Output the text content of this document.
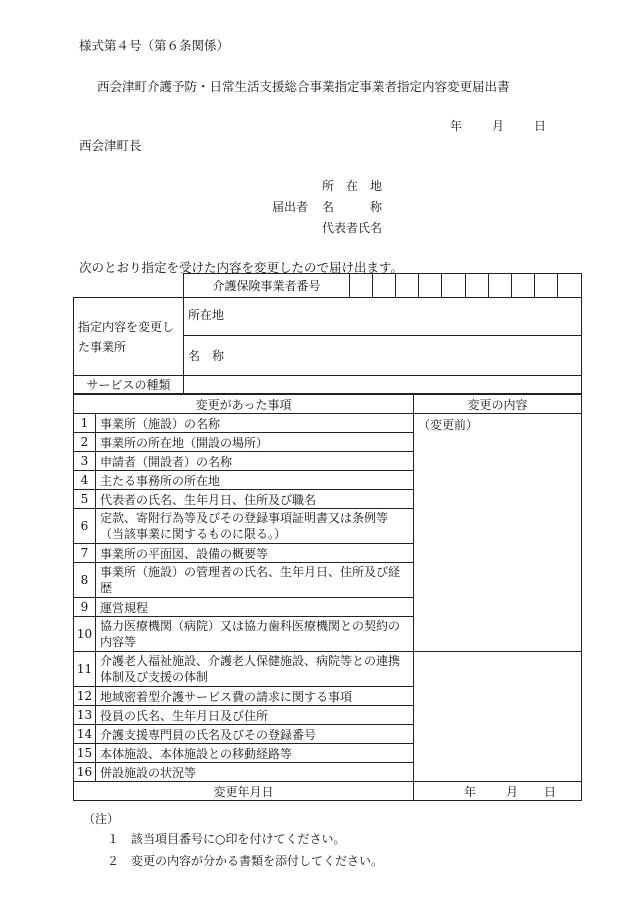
様式第４号（第６条関係）
西会津町介護予防・日常生活支援総合事業指定事業者指定内容変更届出書
年 月 日
西会津町長
所　在　地
届出者 名　　　称
代表者氏名
次のとおり指定を受けた内容を変更したので届け出ます。
	介護保険事業者番号										
指定内容を変更した事業所	所在地										
	名　称										
サービスの種類											
変更があった事項		変更の内容	
1	事業所（施設）の名称	（変更前）	
2	事業所の所在地（開設の場所）		
3	申請者（開設者）の名称		
4	主たる事務所の所在地		
5	代表者の氏名、生年月日、住所及び職名		
6	定款、寄附行為等及びその登録事項証明書又は条例等（当該事業に関するものに限る。）		
7	事業所の平面図、設備の概要等		
8	事業所（施設）の管理者の氏名、生年月日、住所及び経歴		
9	運営規程	
10	協力医療機関（病院）又は協力歯科医療機関との契約の内容等		
11	介護老人福祉施設、介護老人保健施設、病院等との連携体制及び支援の体制		
12	地域密着型介護サービス費の請求に関する事項		
13	役員の氏名、生年月日及び住所		
14	介護支援専門員の氏名及びその登録番号		
15	本体施設、本体施設との移動経路等		
16	併設施設の状況等		
変更年月日		年 月 日	
（注）
１　該当項目番号に○印を付けてください。
２　変更の内容が分かる書類を添付してください。
